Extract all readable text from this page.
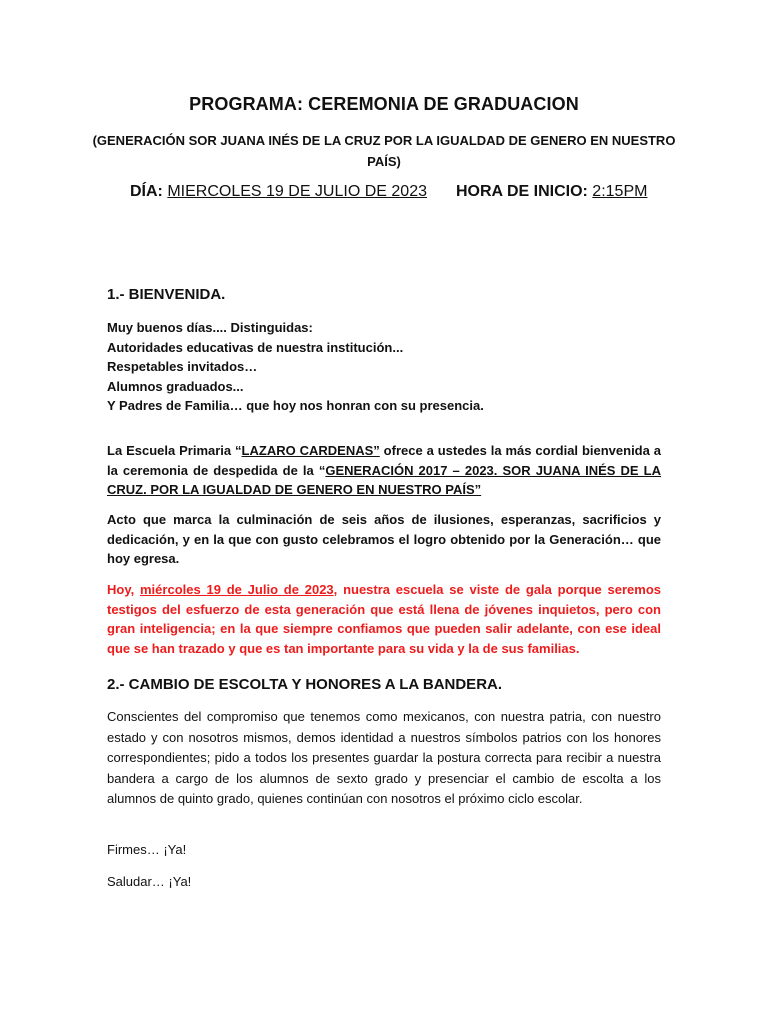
PROGRAMA: CEREMONIA DE GRADUACION
(GENERACIÓN SOR JUANA INÉS DE LA CRUZ POR LA IGUALDAD DE GENERO EN NUESTRO PAÍS)
DÍA: MIERCOLES 19 DE JULIO DE 2023 HORA DE INICIO: 2:15PM
1.- BIENVENIDA.
Muy buenos días.... Distinguidas:
Autoridades educativas de nuestra institución...
Respetables invitados…
Alumnos graduados...
Y Padres de Familia… que hoy nos honran con su presencia.
La Escuela Primaria “LAZARO CARDENAS” ofrece a ustedes la más cordial bienvenida a la ceremonia de despedida de la “GENERACIÓN 2017 – 2023. SOR JUANA INÉS DE LA CRUZ. POR LA IGUALDAD DE GENERO EN NUESTRO PAÍS”
Acto que marca la culminación de seis años de ilusiones, esperanzas, sacrificios y dedicación, y en la que con gusto celebramos el logro obtenido por la Generación… que hoy egresa.
Hoy, miércoles 19 de Julio de 2023, nuestra escuela se viste de gala porque seremos testigos del esfuerzo de esta generación que está llena de jóvenes inquietos, pero con gran inteligencia; en la que siempre confiamos que pueden salir adelante, con ese ideal que se han trazado y que es tan importante para su vida y la de sus familias.
2.- CAMBIO DE ESCOLTA Y HONORES A LA BANDERA.
Conscientes del compromiso que tenemos como mexicanos, con nuestra patria, con nuestro estado y con nosotros mismos, demos identidad a nuestros símbolos patrios con los honores correspondientes; pido a todos los presentes guardar la postura correcta para recibir a nuestra bandera a cargo de los alumnos de sexto grado y presenciar el cambio de escolta a los alumnos de quinto grado, quienes continúan con nosotros el próximo ciclo escolar.
Firmes… ¡Ya!
Saludar… ¡Ya!
